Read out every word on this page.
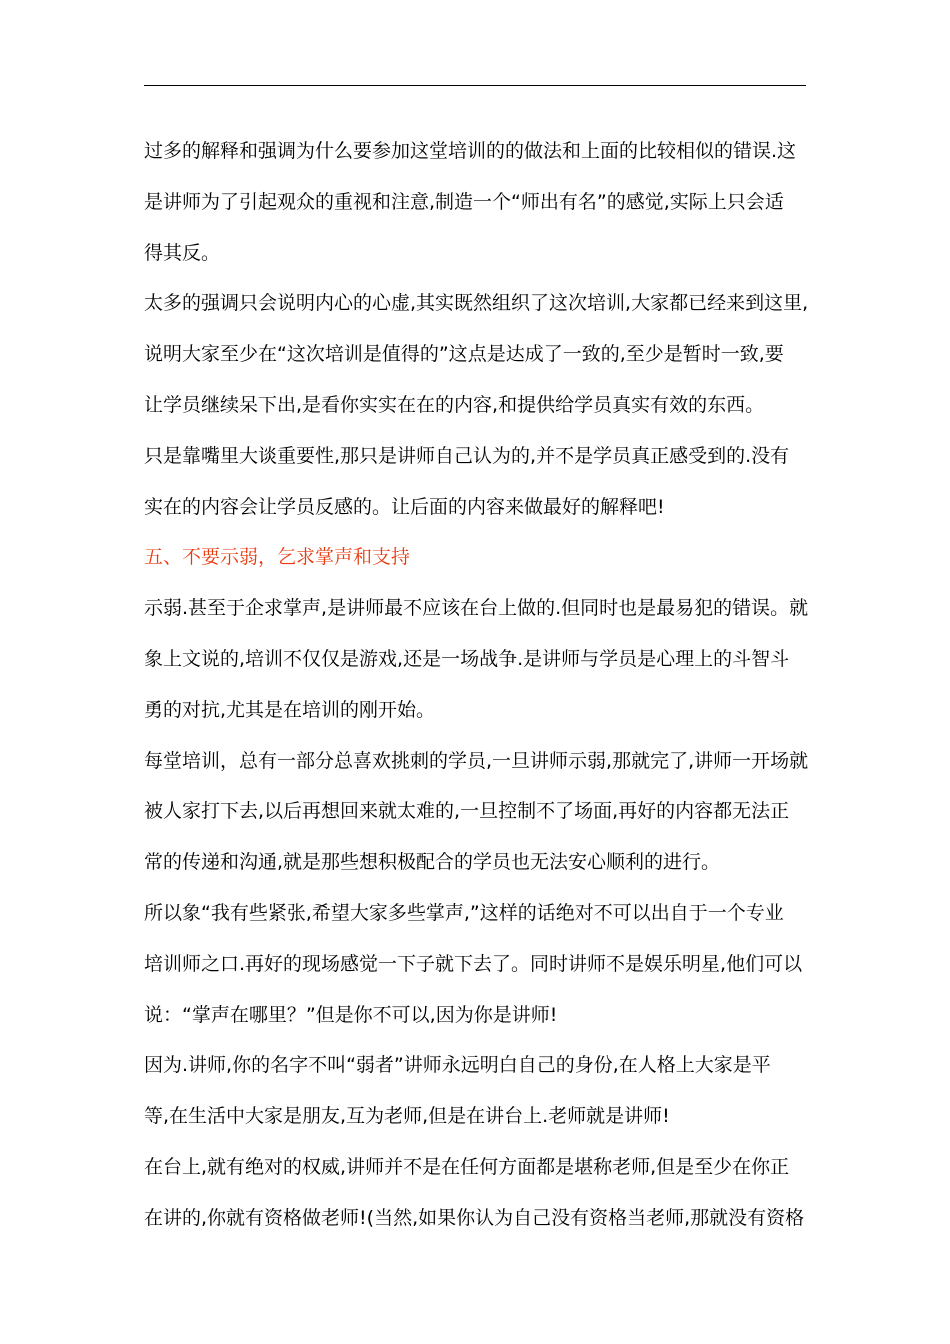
过多的解释和强调为什么要参加这堂培训的的做法和上面的比较相似的错误.这
是讲师为了引起观众的重视和注意,制造一个“师出有名”的感觉,实际上只会适
得其反。
太多的强调只会说明内心的心虚,其实既然组织了这次培训,大家都已经来到这里,
说明大家至少在“这次培训是值得的”这点是达成了一致的,至少是暂时一致,要
让学员继续呆下出,是看你实实在在的内容,和提供给学员真实有效的东西。
只是靠嘴里大谈重要性,那只是讲师自己认为的,并不是学员真正感受到的.没有
实在的内容会让学员反感的。让后面的内容来做最好的解释吧!
五、不要示弱，乞求掌声和支持
示弱.甚至于企求掌声,是讲师最不应该在台上做的.但同时也是最易犯的错误。就
象上文说的,培训不仅仅是游戏,还是一场战争.是讲师与学员是心理上的斗智斗
勇的对抗,尤其是在培训的刚开始。
每堂培训，总有一部分总喜欢挑刺的学员,一旦讲师示弱,那就完了,讲师一开场就
被人家打下去,以后再想回来就太难的,一旦控制不了场面,再好的内容都无法正
常的传递和沟通,就是那些想积极配合的学员也无法安心顺利的进行。
所以象“我有些紧张,希望大家多些掌声,”这样的话绝对不可以出自于一个专业
培训师之口.再好的现场感觉一下子就下去了。同时讲师不是娱乐明星,他们可以
说：“掌声在哪里？”但是你不可以,因为你是讲师!
因为.讲师,你的名字不叫“弱者”讲师永远明白自己的身份,在人格上大家是平
等,在生活中大家是朋友,互为老师,但是在讲台上.老师就是讲师!
在台上,就有绝对的权威,讲师并不是在任何方面都是堪称老师,但是至少在你正
在讲的,你就有资格做老师!(当然,如果你认为自己没有资格当老师,那就没有资格
